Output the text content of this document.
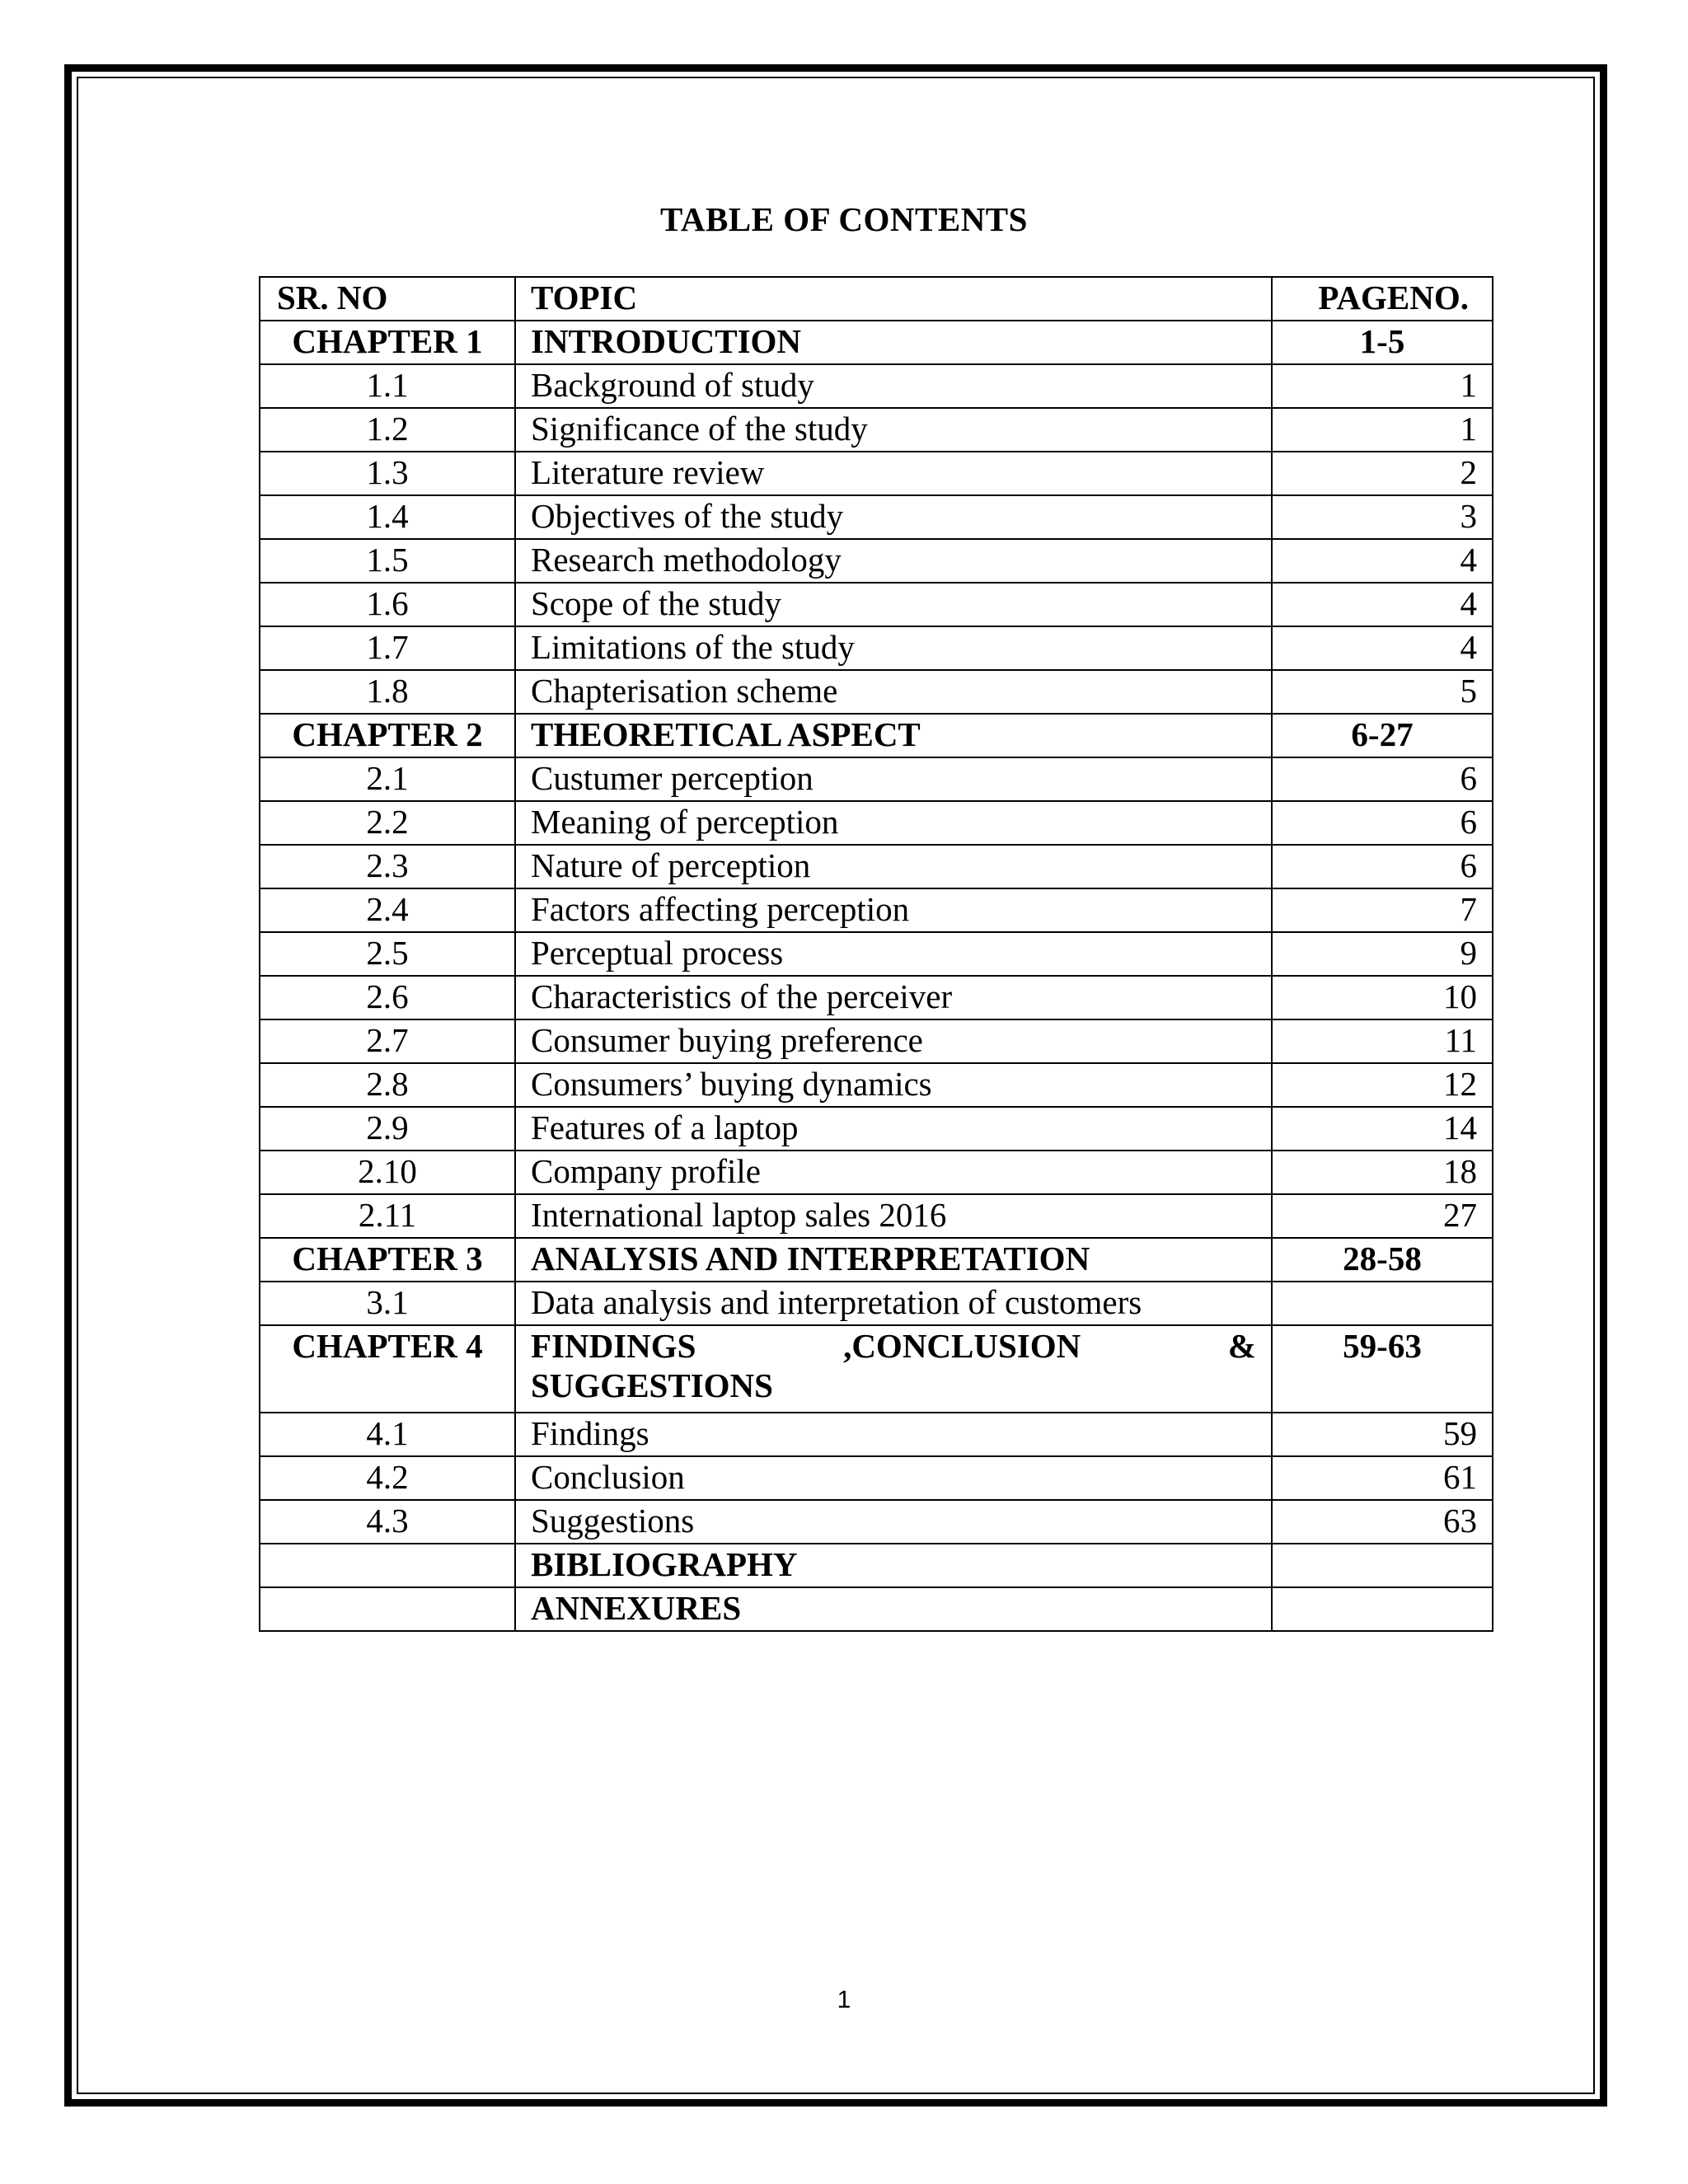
TABLE OF CONTENTS
SR. NO	TOPIC	PAGENO.
CHAPTER 1	INTRODUCTION	1-5
1.1	Background of study	1
1.2	Significance of the study	1
1.3	Literature review	2
1.4	Objectives of the study	3
1.5	Research methodology	4
1.6	Scope of the study	4
1.7	Limitations of the study	4
1.8	Chapterisation scheme	5
CHAPTER 2	THEORETICAL ASPECT	6-27
2.1	Custumer perception	6
2.2	Meaning of perception	6
2.3	Nature of perception	6
2.4	Factors affecting perception	7
2.5	Perceptual process	9
2.6	Characteristics of the perceiver	10
2.7	Consumer buying preference	11
2.8	Consumers’ buying dynamics	12
2.9	Features of a laptop	14
2.10	Company profile	18
2.11	International laptop sales 2016	27
CHAPTER 3	ANALYSIS AND INTERPRETATION	28-58
3.1	Data analysis and interpretation of customers	
CHAPTER 4	FINDINGS ,CONCLUSION &
SUGGESTIONS	59-63
4.1	Findings	59
4.2	Conclusion	61
4.3	Suggestions	63
	BIBLIOGRAPHY	
	ANNEXURES	
1
